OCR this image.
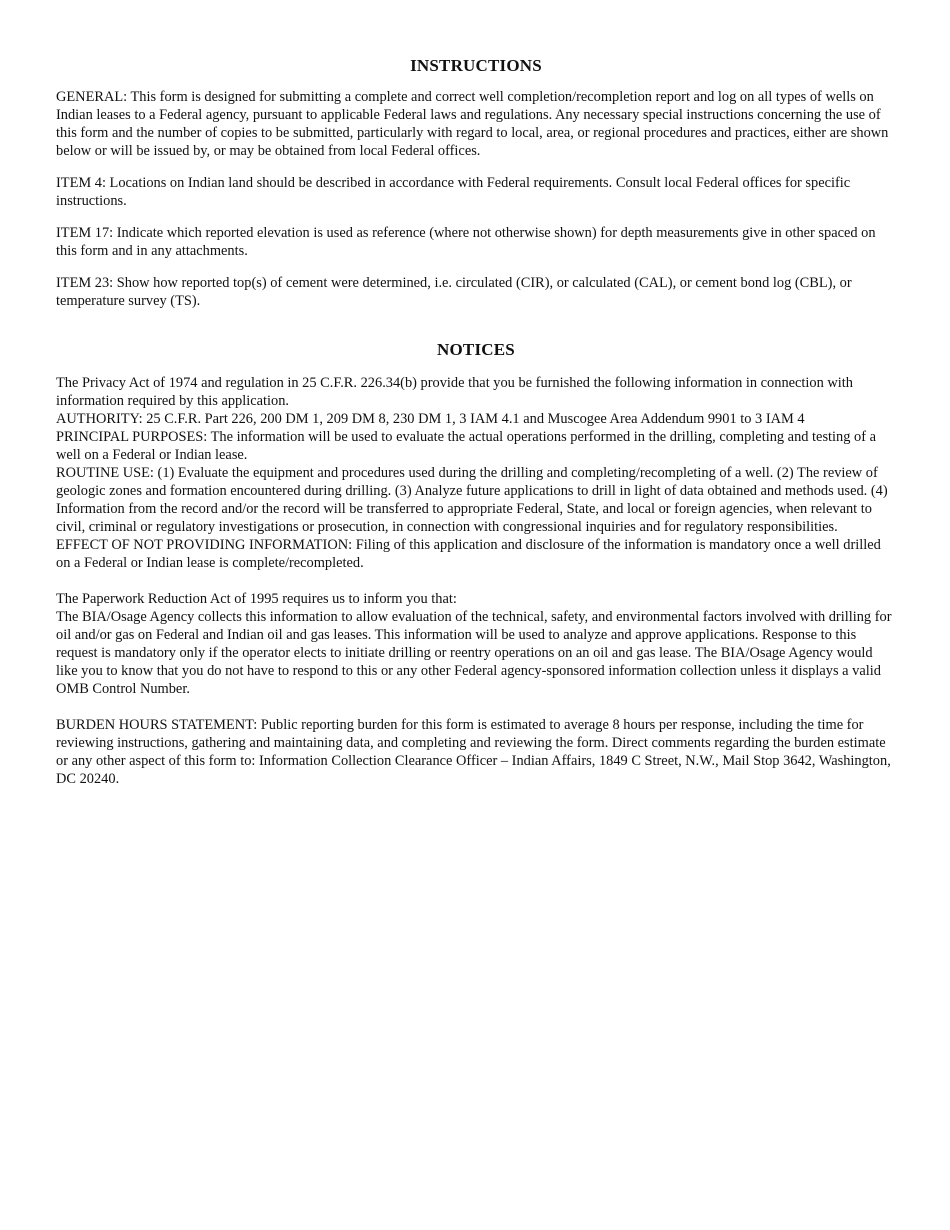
INSTRUCTIONS

GENERAL: This form is designed for submitting a complete and correct well completion/recompletion report and log on all types of wells on Indian leases to a Federal agency, pursuant to applicable Federal laws and regulations. Any necessary special instructions concerning the use of this form and the number of copies to be submitted, particularly with regard to local, area, or regional procedures and practices, either are shown below or will be issued by, or may be obtained from local Federal offices.

ITEM 4: Locations on Indian land should be described in accordance with Federal requirements. Consult local Federal offices for specific instructions.

ITEM 17: Indicate which reported elevation is used as reference (where not otherwise shown) for depth measurements give in other spaced on this form and in any attachments.

ITEM 23: Show how reported top(s) of cement were determined, i.e. circulated (CIR), or calculated (CAL), or cement bond log (CBL), or temperature survey (TS).

NOTICES

The Privacy Act of 1974 and regulation in 25 C.F.R. 226.34(b) provide that you be furnished the following information in connection with information required by this application.

AUTHORITY: 25 C.F.R. Part 226, 200 DM 1, 209 DM 8, 230 DM 1, 3 IAM 4.1 and Muscogee Area Addendum 9901 to 3 IAM 4

PRINCIPAL PURPOSES: The information will be used to evaluate the actual operations performed in the drilling, completing and testing of a well on a Federal or Indian lease.

ROUTINE USE: (1) Evaluate the equipment and procedures used during the drilling and completing/recompleting of a well. (2) The review of geologic zones and formation encountered during drilling. (3) Analyze future applications to drill in light of data obtained and methods used. (4) Information from the record and/or the record will be transferred to appropriate Federal, State, and local or foreign agencies, when relevant to civil, criminal or regulatory investigations or prosecution, in connection with congressional inquiries and for regulatory responsibilities.

EFFECT OF NOT PROVIDING INFORMATION: Filing of this application and disclosure of the information is mandatory once a well drilled on a Federal or Indian lease is complete/recompleted.

The Paperwork Reduction Act of 1995 requires us to inform you that:

The BIA/Osage Agency collects this information to allow evaluation of the technical, safety, and environmental factors involved with drilling for oil and/or gas on Federal and Indian oil and gas leases. This information will be used to analyze and approve applications. Response to this request is mandatory only if the operator elects to initiate drilling or reentry operations on an oil and gas lease. The BIA/Osage Agency would like you to know that you do not have to respond to this or any other Federal agency-sponsored information collection unless it displays a valid OMB Control Number.

BURDEN HOURS STATEMENT: Public reporting burden for this form is estimated to average 8 hours per response, including the time for reviewing instructions, gathering and maintaining data, and completing and reviewing the form. Direct comments regarding the burden estimate or any other aspect of this form to: Information Collection Clearance Officer – Indian Affairs, 1849 C Street, N.W., Mail Stop 3642, Washington, DC 20240.
